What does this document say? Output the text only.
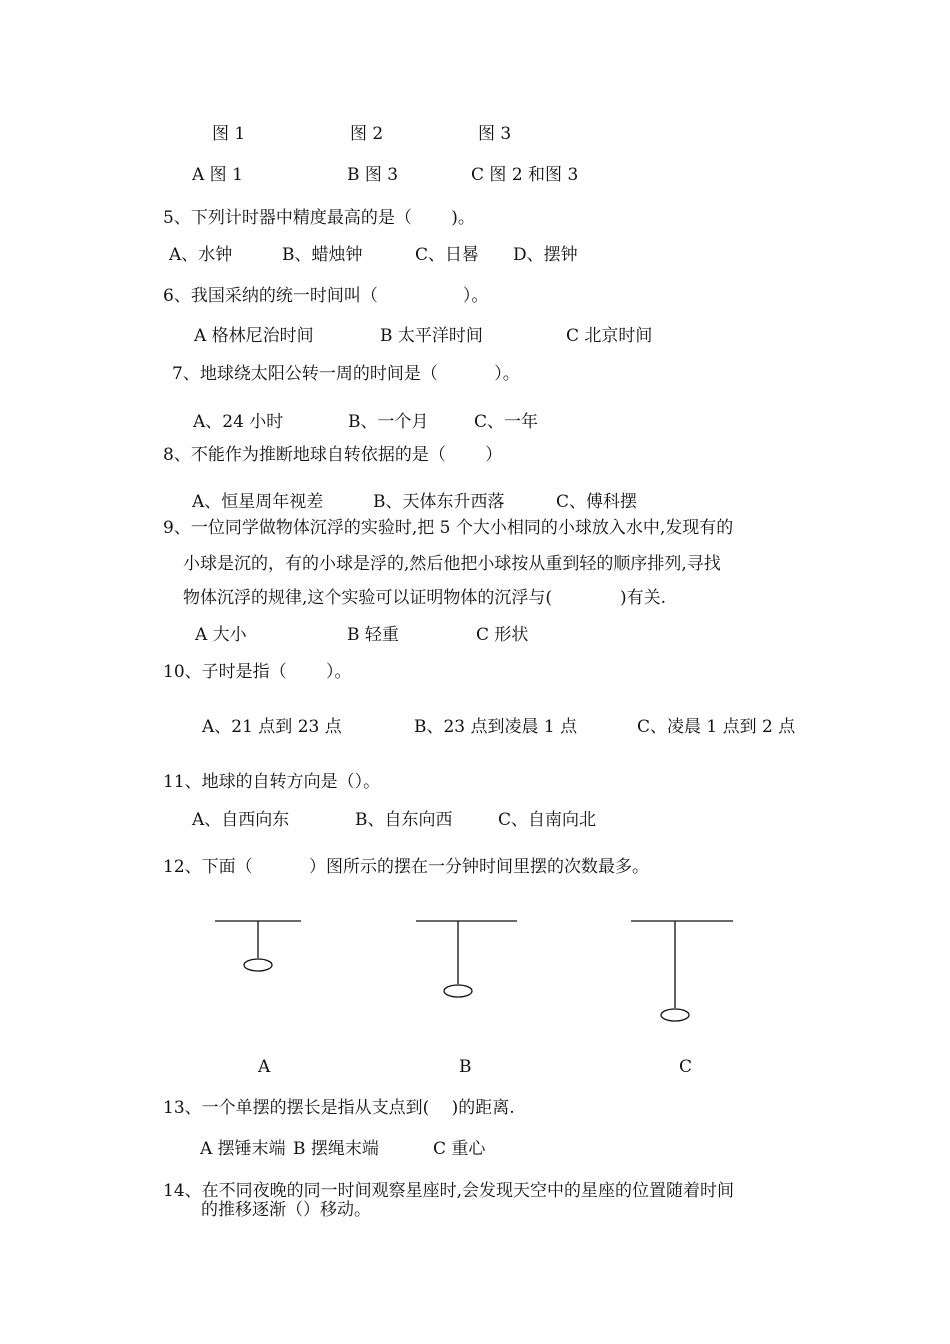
图 1	图 2	图 3
A 图 1	B 图 3	C 图 2 和图 3
5、下列计时器中精度最高的是（　　 )。
A、水钟	B、蜡烛钟	C、日晷 D、摆钟
6、我国采纳的统一时间叫（　　　　　）。
A 格林尼治时间	B 太平洋时间	C 北京时间
7、地球绕太阳公转一周的时间是（　　　 ）。
A、24 小时	B、一个月	C、一年
8、不能作为推断地球自转依据的是（　　 ）
A、恒星周年视差	B、天体东升西落	C、傅科摆
9、一位同学做物体沉浮的实验时,把 5 个大小相同的小球放入水中,发现有的
小球是沉的，有的小球是浮的,然后他把小球按从重到轻的顺序排列,寻找
物体沉浮的规律,这个实验可以证明物体的沉浮与(　　　　)有关.
A 大小	B 轻重	C 形状
10、子时是指（　　 ）。
A、21 点到 23 点	B、23 点到凌晨 1 点	C、凌晨 1 点到 2 点
11、地球的自转方向是（）。
A、自西向东	B、自东向西	C、自南向北
12、下面（　　　 ）图所示的摆在一分钟时间里摆的次数最多。
A	B	C
13、一个单摆的摆长是指从支点到(　 )的距离.
A 摆锤末端 B 摆绳末端	C 重心
14、在不同夜晚的同一时间观察星座时,会发现天空中的星座的位置随着时间
的推移逐渐（）移动。
